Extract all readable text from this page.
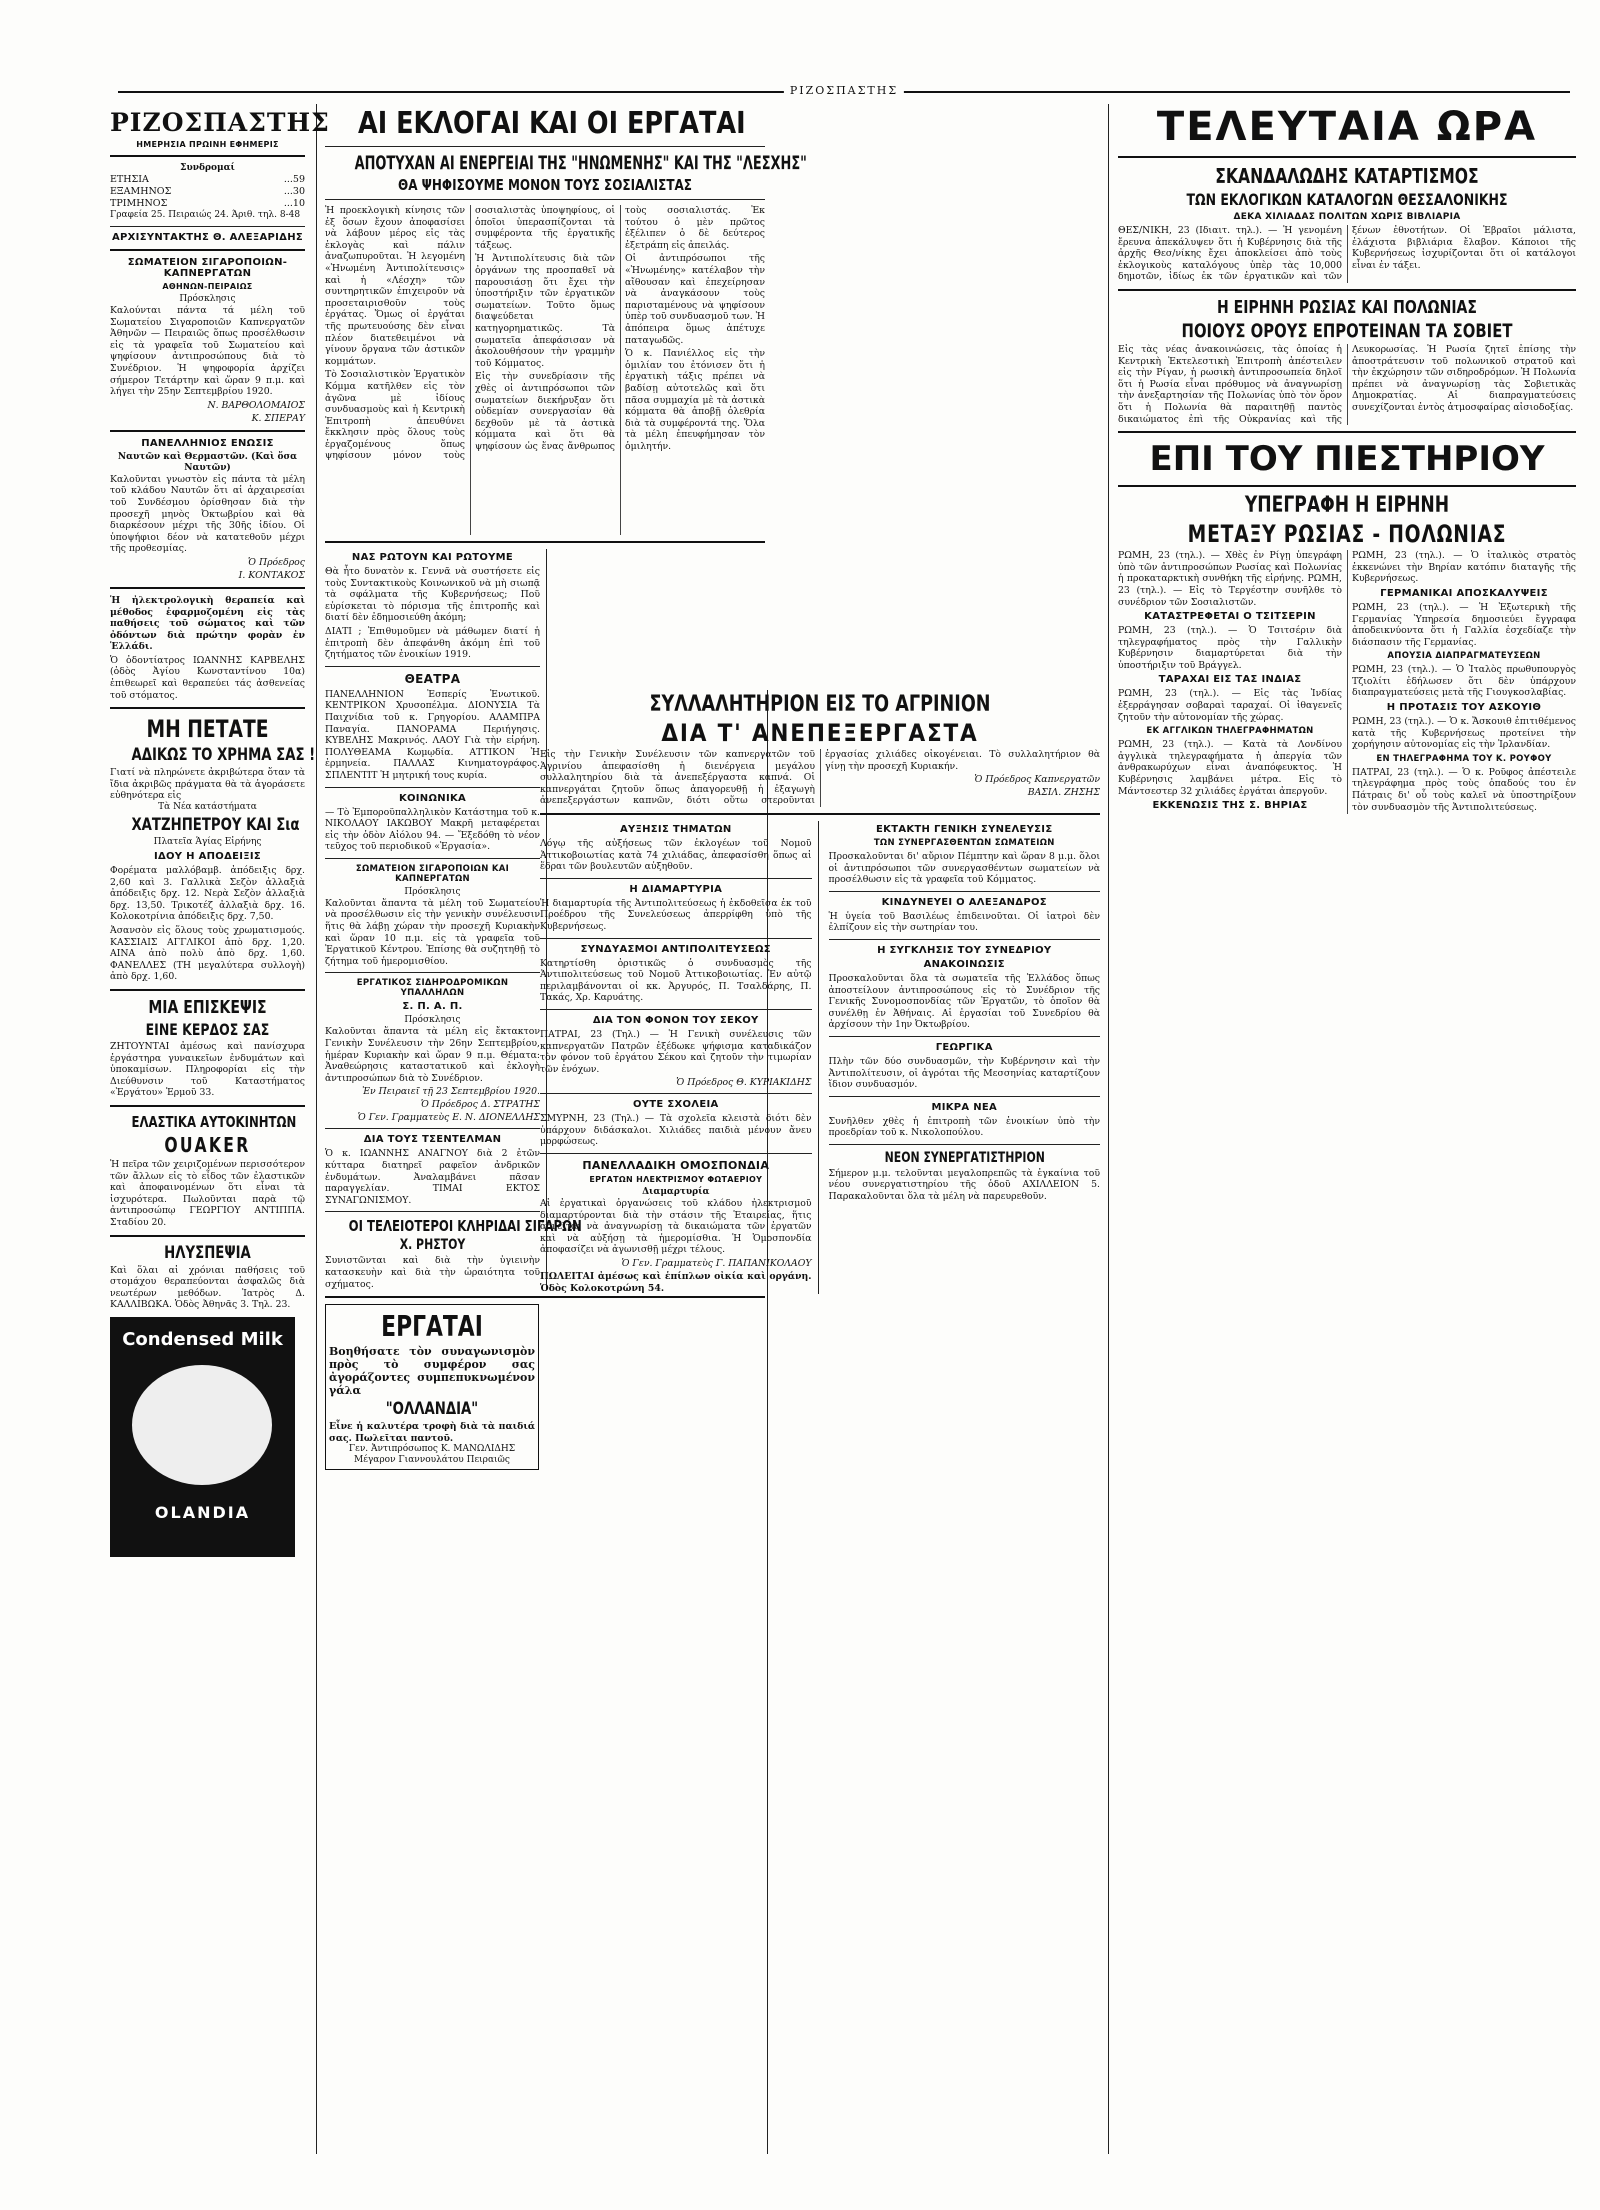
ΡΙΖΟΣΠΑΣΤΗΣ
ΡΙΖΟΣΠΑΣΤΗΣ
ΗΜΕΡΗΣΙΑ ΠΡΩΙΝΗ ΕΦΗΜΕΡΙΣ
Συνδρομαί
ΕΤΗΣΙΑ	...59
ΕΞΑΜΗΝΟΣ	...30
ΤΡΙΜΗΝΟΣ	...10
Γραφεία 25. Πειραιώς 24. Άριθ. τηλ. 8-48
ΑΡΧΙΣΥΝΤΑΚΤΗΣ Θ. ΑΛΕΞΑΡΙΔΗΣ
ΣΩΜΑΤΕΙΟΝ ΣΙΓΑΡΟΠΟΙΩΝ-ΚΑΠΝΕΡΓΑΤΩΝ
ΑΘΗΝΩΝ-ΠΕΙΡΑΙΩΣ
Πρόσκλησις

Καλούνται πάντα τά μέλη τοῦ Σωματείου Σιγαροποιῶν Καπνεργατῶν Ἀθηνῶν — Πειραιῶς ὅπως προσέλθωσιν εἰς τὰ γραφεῖα τοῦ Σωματείου καὶ ψηφίσουν ἀντιπροσώπους διὰ τὸ Συνέδριον. Ἡ ψηφοφορία ἀρχίζει σήμερον Τετάρτην καὶ ὥραν 9 π.μ. καὶ λήγει τὴν 25ην Σεπτεμβρίου 1920.

Ν. ΒΑΡΘΟΛΟΜΑΙΟΣ
Κ. ΣΠΕΡΑΥ
ΠΑΝΕΛΛΗΝΙΟΣ ΕΝΩΣΙΣ
Ναυτῶν καὶ Θερμαστῶν. (Καὶ ὅσα Ναυτῶν)

Καλοῦνται γνωστὸν εἰς πάντα τὰ μέλη τοῦ κλάδου Ναυτῶν ὅτι αἱ ἀρχαιρεσίαι τοῦ Συνδέσμου ὁρίσθησαν διὰ τὴν προσεχῆ μηνὸς Ὀκτωβρίου καὶ θὰ διαρκέσουν μέχρι τῆς 30ῆς ἰδίου. Οἱ ὑποψήφιοι δέον νὰ κατατεθοῦν μέχρι τῆς προθεσμίας.

Ὁ Πρόεδρος
Ι. ΚΟΝΤΑΚΟΣ

Ἡ ἠλεκτρολογικὴ θεραπεία καὶ μέθοδος ἐφαρμοζομένη εἰς τὰς παθήσεις τοῦ σώματος καὶ τῶν ὀδόντων διὰ πρώτην φορὰν ἐν Ἑλλάδι.

Ὁ ὀδοντίατρος ΙΩΑΝΝΗΣ ΚΑΡΒΕΛΗΣ (ὁδὸς Ἀγίου Κωνσταντίνου 10α) ἐπιθεωρεῖ καὶ θεραπεύει τάς ἀσθενείας τοῦ στόματος.

ΜΗ ΠΕΤΑΤΕ
ΑΔΙΚΩΣ ΤΟ ΧΡΗΜΑ ΣΑΣ !

Γιατί νὰ πληρώνετε ἀκριβώτερα ὅταν τὰ ἴδια ἀκριβῶς πράγματα θὰ τὰ ἀγοράσετε εὐθηνότερα εἰς

Τὰ Νέα κατάστήματα
ΧΑΤΖΗΠΕΤΡΟΥ ΚΑΙ Σια
Πλατεῖα Ἁγίας Εἰρήνης
ΙΔΟΥ Η ΑΠΟΔΕΙΞΙΣ

Φορέματα μαλλόβαμβ. ἀπόδειξις δρχ. 2,60 καὶ 3. Γαλλικὰ Σεζὸν ἀλλαξιὰ ἀπόδειξις δρχ. 12. Νερὰ Σεζὸν ἀλλαξιὰ δρχ. 13,50. Τρικοτέζ ἀλλαξιὰ δρχ. 16. Κολοκοτρίνια ἀπόδειξις δρχ. 7,50.

Ἀσανσὸν εἰς ὅλους τοὺς χρωματισμούς. ΚΑΣΣΙΑΙΣ ΑΓΓΛΙΚΟΙ ἀπὸ δρχ. 1,20. ΑΙΝΑ ἀπὸ πολὺ ἀπὸ δρχ. 1,60. ΦΑΝΕΛΛΕΣ (ΤΗ μεγαλύτερα συλλογὴ) ἀπὸ δρχ. 1,60.

ΜΙΑ ΕΠΙΣΚΕΨΙΣ
ΕΙΝΕ ΚΕΡΔΟΣ ΣΑΣ

ΖΗΤΟΥΝΤΑΙ ἀμέσως καὶ πανίσχυρα ἐργάστηρα γυναικεῖων ἐνδυμάτων καὶ ὑποκαμίσων. Πληροφορίαι εἰς τὴν Διεύθυνσιν τοῦ Καταστήματος «Ἐργάτου» Ἑρμοῦ 33.

ΕΛΑΣΤΙΚΑ ΑΥΤΟΚΙΝΗΤΩΝ
OUAKER

Ἡ πεῖρα τῶν χειριζομένων περισσότερον τῶν ἄλλων εἰς τὸ εἶδος τῶν ἐλαστικῶν καὶ ἀποφαινομένων ὅτι εἶναι τὰ ἰσχυρότερα. Πωλοῦνται παρὰ τῷ ἀντιπροσώπῳ ΓΕΩΡΓΙΟΥ ΑΝΤΙΠΠΑ. Σταδίου 20.

ΗΛΥΣΠΕΨΙΑ

Καὶ ὅλαι αἱ χρόνιαι παθήσεις τοῦ στομάχου θεραπεύονται ἀσφαλῶς διὰ νεωτέρων μεθόδων. Ἰατρὸς Δ. ΚΑΛΛΙΒΩΚΑ. Ὁδὸς Ἀθηνᾶς 3. Τηλ. 23.

Condensed Milk
OLANDIA
ΑΙ ΕΚΛΟΓΑΙ ΚΑΙ ΟΙ ΕΡΓΑΤΑΙ
ΑΠΟΤΥΧΑΝ ΑΙ ΕΝΕΡΓΕΙΑΙ ΤΗΣ "ΗΝΩΜΕΝΗΣ" ΚΑΙ ΤΗΣ "ΛΕΣΧΗΣ"
ΘΑ ΨΗΦΙΣΟΥΜΕ ΜΟΝΟΝ ΤΟΥΣ ΣΟΣΙΑΛΙΣΤΑΣ

Ἡ προεκλογικὴ κίνησις τῶν ἐξ ὅσων ἔχουν ἀποφασίσει νὰ λάβουν μέρος εἰς τὰς ἐκλογὰς καὶ πάλιν ἀναζωπυροῦται. Ἡ λεγομένη «Ἡνωμένη Ἀντιπολίτευσις» καὶ ἡ «Λέσχη» τῶν συντηρητικῶν ἐπιχειροῦν νὰ προσεταιρισθοῦν τοὺς ἐργάτας. Ὅμως οἱ ἐργάται τῆς πρωτευούσης δὲν εἶναι πλέον διατεθειμένοι νὰ γίνουν ὄργανα τῶν ἀστικῶν κομμάτων.

Τὸ Σοσιαλιστικὸν Ἐργατικὸν Κόμμα κατῆλθεν εἰς τὸν ἀγῶνα μὲ ἰδίους συνδυασμοὺς καὶ ἡ Κεντρικὴ Ἐπιτροπὴ ἀπευθύνει ἔκκλησιν πρὸς ὅλους τοὺς ἐργαζομένους ὅπως ψηφίσουν μόνον τοὺς σοσιαλιστὰς ὑποψηφίους, οἱ ὁποῖοι ὑπερασπίζονται τὰ συμφέροντα τῆς ἐργατικῆς τάξεως.

Ἡ Ἀντιπολίτευσις διὰ τῶν ὀργάνων της προσπαθεῖ νὰ παρουσιάσῃ ὅτι ἔχει τὴν ὑποστήριξιν τῶν ἐργατικῶν σωματείων. Τοῦτο ὅμως διαψεύδεται κατηγορηματικῶς. Τὰ σωματεῖα ἀπεφάσισαν νὰ ἀκολουθήσουν τὴν γραμμὴν τοῦ Κόμματος.

Εἰς τὴν συνεδρίασιν τῆς χθὲς οἱ ἀντιπρόσωποι τῶν σωματείων διεκήρυξαν ὅτι οὐδεμίαν συνεργασίαν θὰ δεχθοῦν μὲ τὰ ἀστικὰ κόμματα καὶ ὅτι θὰ ψηφίσουν ὡς ἕνας ἄνθρωπος τοὺς σοσιαλιστάς. Ἐκ τούτου ὁ μὲν πρῶτος ἐξέλιπεν ὁ δὲ δεύτερος ἐξετράπη εἰς ἀπειλάς.

Οἱ ἀντιπρόσωποι τῆς «Ἡνωμένης» κατέλαβον τὴν αἴθουσαν καὶ ἐπεχείρησαν νὰ ἀναγκάσουν τοὺς παρισταμένους νὰ ψηφίσουν ὑπὲρ τοῦ συνδυασμοῦ των. Ἡ ἀπόπειρα ὅμως ἀπέτυχε παταγωδῶς.

Ὁ κ. Πανιέλλος εἰς τὴν ὁμιλίαν του ἐτόνισεν ὅτι ἡ ἐργατικὴ τάξις πρέπει νὰ βαδίσῃ αὐτοτελῶς καὶ ὅτι πᾶσα συμμαχία μὲ τὰ ἀστικὰ κόμματα θὰ ἀποβῇ ὀλεθρία διὰ τὰ συμφέροντά της. Ὅλα τὰ μέλη ἐπευφήμησαν τὸν ὁμιλητήν.

ΝΑΣ ΡΩΤΟΥΝ ΚΑΙ ΡΩΤΟΥΜΕ

Θὰ ἦτο δυνατὸν κ. Γεννᾶ νὰ συστήσετε εἰς τοὺς Συντακτικοὺς Κοινωνικοῦ νὰ μὴ σιωπᾷ τὰ σφάλματα τῆς Κυβερνήσεως; Ποῦ εὑρίσκεται τὸ πόρισμα τῆς ἐπιτροπῆς καὶ διατί δὲν ἐδημοσιεύθη ἀκόμη;

ΔΙΑΤΙ ; Ἐπιθυμοῦμεν νὰ μάθωμεν διατί ἡ ἐπιτροπὴ δὲν ἀπεφάνθη ἀκόμη ἐπὶ τοῦ ζητήματος τῶν ἐνοικίων 1919.

ΘΕΑΤΡΑ

ΠΑΝΕΛΛΗΝΙΟΝ Ἐσπερίς Ἐνωτικοῦ. ΚΕΝΤΡΙΚΟΝ Χρυσοπέλμα. ΔΙΟΝΥΣΙΑ Τὰ Παιχνίδια τοῦ κ. Γρηγορίου. ΑΛΑΜΠΡΑ Παναγία. ΠΑΝΟΡΑΜΑ Περιήγησις. ΚΥΒΕΛΗΣ Μακρινός. ΛΑΟΥ Γιὰ τὴν εἰρήνη. ΠΟΛΥΘΕΑΜΑ Κωμῳδία. ΑΤΤΙΚΟΝ Ἡ ἑρμηνεία. ΠΑΛΛΑΣ Κινηματογράφος. ΣΠΛΕΝΤΙΤ Ἡ μητρική τους κυρία.

ΚΟΙΝΩΝΙΚΑ

— Τὸ Ἐμποροϋπαλληλικὸν Κατάστημα τοῦ κ. ΝΙΚΟΛΑΟΥ ΙΑΚΩΒΟΥ Μακρῆ μεταφέρεται εἰς τὴν ὁδὸν Αἰόλου 94. — Ἔξεδόθη τὸ νέον τεῦχος τοῦ περιοδικοῦ «Ἐργασία».

ΣΩΜΑΤΕΙΟΝ ΣΙΓΑΡΟΠΟΙΩΝ ΚΑΙ ΚΑΠΝΕΡΓΑΤΩΝ
Πρόσκλησις

Καλοῦνται ἅπαντα τὰ μέλη τοῦ Σωματείου νὰ προσέλθωσιν εἰς τὴν γενικὴν συνέλευσιν ἥτις θὰ λάβῃ χώραν τὴν προσεχῆ Κυριακὴν καὶ ὥραν 10 π.μ. εἰς τὰ γραφεῖα τοῦ Ἐργατικοῦ Κέντρου. Ἐπίσης θὰ συζητηθῇ τὸ ζήτημα τοῦ ἡμερομισθίου.

ΕΡΓΑΤΙΚΟΣ ΣΙΔΗΡΟΔΡΟΜΙΚΩΝ ΥΠΑΛΛΗΛΩΝ
Σ. Π. Α. Π.
Πρόσκλησις

Καλοῦνται ἅπαντα τὰ μέλη εἰς ἔκτακτον Γενικὴν Συνέλευσιν τὴν 26ην Σεπτεμβρίου, ἡμέραν Κυριακὴν καὶ ὥραν 9 π.μ. Θέματα: Ἀναθεώρησις καταστατικοῦ καὶ ἐκλογὴ ἀντιπροσώπων διὰ τὸ Συνέδριον.

Ἐν Πειραιεῖ τῇ 23 Σεπτεμβρίου 1920.
Ὁ Πρόεδρος Δ. ΣΤΡΑΤΗΣ
Ὁ Γεν. Γραμματεὺς Ε. Ν. ΔΙΟΝΕΛΛΗΣ
ΔΙΑ ΤΟΥΣ ΤΣΕΝΤΕΛΜΑΝ

Ὁ κ. ΙΩΑΝΝΗΣ ΑΝΑΓΝΟΥ διὰ 2 ἐτῶν κύτταρα διατηρεῖ ραφεῖον ἀνδρικῶν ἐνδυμάτων. Ἀναλαμβάνει πᾶσαν παραγγελίαν. ΤΙΜΑΙ ΕΚΤΟΣ ΣΥΝΑΓΩΝΙΣΜΟΥ.

ΟΙ ΤΕΛΕΙΟΤΕΡΟΙ ΚΛΗΡΙΔΑΙ ΣΙΓΑΡΩΝ
Χ. ΡΗΣΤΟΥ

Συνιστῶνται καὶ διὰ τὴν ὑγιεινὴν κατασκευὴν καὶ διὰ τὴν ὡραιότητα τοῦ σχήματος.

ΕΡΓΑΤΑΙ

Βοηθήσατε τὸν συναγωνισμὸν πρὸς τὸ συμφέρον σας ἀγοράζοντες συμπεπυκνωμένον γάλα

"ΟΛΛΑΝΔΙΑ"

Εἶνε ἡ καλυτέρα τροφὴ διὰ τὰ παιδιά σας. Πωλεῖται παντοῦ.

Γεν. Ἀντιπρόσωπος Κ. ΜΑΝΩΛΙΔΗΣ
Μέγαρον Γιαννουλάτου Πειραιῶς
ΣΥΛΛΑΛΗΤΗΡΙΟΝ ΕΙΣ ΤΟ ΑΓΡΙΝΙΟΝ
ΔΙΑ Τ' ΑΝΕΠΕΞΕΡΓΑΣΤΑ

Εἰς τὴν Γενικὴν Συνέλευσιν τῶν καπνεργατῶν τοῦ Ἀγρινίου ἀπεφασίσθη ἡ διενέργεια μεγάλου συλλαλητηρίου διὰ τὰ ἀνεπεξέργαστα καπνά. Οἱ καπνεργάται ζητοῦν ὅπως ἀπαγορευθῇ ἡ ἐξαγωγὴ ἀνεπεξεργάστων καπνῶν, διότι οὕτω στεροῦνται ἐργασίας χιλιάδες οἰκογένειαι. Τὸ συλλαλητήριον θὰ γίνῃ τὴν προσεχῆ Κυριακήν.

Ὁ Πρόεδρος Καπνεργατῶν
ΒΑΣΙΛ. ΖΗΣΗΣ
ΑΥΞΗΣΙΣ ΤΗΜΑΤΩΝ

Λόγῳ τῆς αὐξήσεως τῶν ἐκλογέων τοῦ Νομοῦ Ἀττικοβοιωτίας κατὰ 74 χιλιάδας, ἀπεφασίσθη ὅπως αἱ ἕδραι τῶν βουλευτῶν αὐξηθοῦν.

Η ΔΙΑΜΑΡΤΥΡΙΑ

Ἡ διαμαρτυρία τῆς Ἀντιπολιτεύσεως ἡ ἐκδοθεῖσα ἐκ τοῦ Προέδρου τῆς Συνελεύσεως ἀπερρίφθη ὑπὸ τῆς Κυβερνήσεως.

ΣΥΝΔΥΑΣΜΟΙ ΑΝΤΙΠΟΛΙΤΕΥΣΕΩΣ

Κατηρτίσθη ὁριστικῶς ὁ συνδυασμὸς τῆς Ἀντιπολιτεύσεως τοῦ Νομοῦ Ἀττικοβοιωτίας. Ἐν αὐτῷ περιλαμβάνονται οἱ κκ. Ἀργυρός, Π. Τσαλδάρης, Π. Τακάς, Χρ. Καρυάτης.

ΔΙΑ ΤΟΝ ΦΟΝΟΝ ΤΟΥ ΣΕΚΟΥ

ΠΑΤΡΑΙ, 23 (Τηλ.) — Ἡ Γενικὴ συνέλευσις τῶν καπνεργατῶν Πατρῶν ἐξέδωκε ψήφισμα καταδικάζον τὸν φόνον τοῦ ἐργάτου Σέκου καὶ ζητοῦν τὴν τιμωρίαν τῶν ἐνόχων.

Ὁ Πρόεδρος Θ. ΚΥΡΙΑΚΙΔΗΣ
ΟΥΤΕ ΣΧΟΛΕΙΑ

ΣΜΥΡΝΗ, 23 (Τηλ.) — Τὰ σχολεῖα κλειστὰ διότι δὲν ὑπάρχουν διδάσκαλοι. Χιλιάδες παιδιὰ μένουν ἄνευ μορφώσεως.

ΠΑΝΕΛΛΑΔΙΚΗ ΟΜΟΣΠΟΝΔΙΑ
ΕΡΓΑΤΩΝ ΗΛΕΚΤΡΙΣΜΟΥ ΦΩΤΑΕΡΙΟΥ
Διαμαρτυρία

Αἱ ἐργατικαὶ ὀργανώσεις τοῦ κλάδου ἠλεκτρισμοῦ διαμαρτύρονται διὰ τὴν στάσιν τῆς Ἑταιρείας, ἥτις ἀρνεῖται νὰ ἀναγνωρίσῃ τὰ δικαιώματα τῶν ἐργατῶν καὶ νὰ αὐξήσῃ τὰ ἡμερομίσθια. Ἡ Ὁμοσπονδία ἀποφασίζει νὰ ἀγωνισθῇ μέχρι τέλους.

Ὁ Γεν. Γραμματεὺς Γ. ΠΑΠΑΝΙΚΟΛΑΟΥ

ΠΩΛΕΙΤΑΙ ἀμέσως καὶ ἑπίπλων οἰκία καὶ οργάνη. Ὁδὸς Κολοκοτρώνη 54.

ΕΚΤΑΚΤΗ ΓΕΝΙΚΗ ΣΥΝΕΛΕΥΣΙΣ
ΤΩΝ ΣΥΝΕΡΓΑΣΘΕΝΤΩΝ ΣΩΜΑΤΕΙΩΝ

Προσκαλοῦνται δι' αὔριον Πέμπτην καὶ ὥραν 8 μ.μ. ὅλοι οἱ ἀντιπρόσωποι τῶν συνεργασθέντων σωματείων νὰ προσέλθωσιν εἰς τὰ γραφεῖα τοῦ Κόμματος.

ΚΙΝΔΥΝΕΥΕΙ Ο ΑΛΕΞΑΝΔΡΟΣ

Ἡ ὑγεία τοῦ Βασιλέως ἐπιδεινοῦται. Οἱ ἰατροὶ δὲν ἐλπίζουν εἰς τὴν σωτηρίαν του.

Η ΣΥΓΚΛΗΣΙΣ ΤΟΥ ΣΥΝΕΔΡΙΟΥ
ΑΝΑΚΟΙΝΩΣΙΣ

Προσκαλοῦνται ὅλα τὰ σωματεῖα τῆς Ἑλλάδος ὅπως ἀποστείλουν ἀντιπροσώπους εἰς τὸ Συνέδριον τῆς Γενικῆς Συνομοσπονδίας τῶν Ἐργατῶν, τὸ ὁποῖον θὰ συνέλθῃ ἐν Ἀθήναις. Αἱ ἐργασίαι τοῦ Συνεδρίου θὰ ἀρχίσουν τὴν 1ην Ὀκτωβρίου.

ΓΕΩΡΓΙΚΑ

Πλὴν τῶν δύο συνδυασμῶν, τὴν Κυβέρνησιν καὶ τὴν Ἀντιπολίτευσιν, οἱ ἀγρόται τῆς Μεσσηνίας καταρτίζουν ἴδιον συνδυασμόν.

ΜΙΚΡΑ ΝΕΑ

Συνῆλθεν χθὲς ἡ ἐπιτροπὴ τῶν ἐνοικίων ὑπὸ τὴν προεδρίαν τοῦ κ. Νικολοπούλου.

ΝΕΟΝ ΣΥΝΕΡΓΑΤΙΣΤΗΡΙΟΝ

Σήμερον μ.μ. τελοῦνται μεγαλοπρεπῶς τὰ ἐγκαίνια τοῦ νέου συνεργατιστηρίου τῆς ὁδοῦ ΑΧΙΛΛΕΙΟΝ 5. Παρακαλοῦνται ὅλα τὰ μέλη νὰ παρευρεθοῦν.

ΤΕΛΕΥΤΑΙΑ ΩΡΑ
ΣΚΑΝΔΑΛΩΔΗΣ ΚΑΤΑΡΤΙΣΜΟΣ
ΤΩΝ ΕΚΛΟΓΙΚΩΝ ΚΑΤΑΛΟΓΩΝ ΘΕΣΣΑΛΟΝΙΚΗΣ
ΔΕΚΑ ΧΙΛΙΑΔΑΣ ΠΟΛΙΤΩΝ ΧΩΡΙΣ ΒΙΒΛΙΑΡΙΑ

ΘΕΣ/ΝΙΚΗ, 23 (Ιδιαιτ. τηλ.). — Ἡ γενομένη ἔρευνα ἀπεκάλυψεν ὅτι ἡ Κυβέρνησις διὰ τῆς ἀρχῆς Θεσ/νίκης ἔχει ἀποκλείσει ἀπὸ τοὺς ἐκλογικοὺς καταλόγους ὑπὲρ τὰς 10,000 δημοτῶν, ἰδίως ἐκ τῶν ἐργατικῶν καὶ τῶν ξένων ἐθνοτήτων. Οἱ Ἑβραῖοι μάλιστα, ἐλάχιστα βιβλιάρια ἔλαβον. Κάποιοι τῆς Κυβερνήσεως ἰσχυρίζονται ὅτι οἱ κατάλογοι εἶναι ἐν τάξει.

Η ΕΙΡΗΝΗ ΡΩΣΙΑΣ ΚΑΙ ΠΟΛΩΝΙΑΣ
ΠΟΙΟΥΣ ΟΡΟΥΣ ΕΠΡΟΤΕΙΝΑΝ ΤΑ ΣΟΒΙΕΤ

Εἰς τὰς νέας ἀνακοινώσεις, τὰς ὁποίας ἡ Κεντρικὴ Ἐκτελεστικὴ Ἐπιτροπὴ ἀπέστειλεν εἰς τὴν Ρίγαν, ἡ ρωσικὴ ἀντιπροσωπεία δηλοῖ ὅτι ἡ Ρωσία εἶναι πρόθυμος νὰ ἀναγνωρίσῃ τὴν ἀνεξαρτησίαν τῆς Πολωνίας ὑπὸ τὸν ὅρον ὅτι ἡ Πολωνία θὰ παραιτηθῇ παντὸς δικαιώματος ἐπὶ τῆς Οὐκρανίας καὶ τῆς Λευκορωσίας. Ἡ Ρωσία ζητεῖ ἐπίσης τὴν ἀποστράτευσιν τοῦ πολωνικοῦ στρατοῦ καὶ τὴν ἐκχώρησιν τῶν σιδηροδρόμων. Ἡ Πολωνία πρέπει νὰ ἀναγνωρίσῃ τὰς Σοβιετικὰς Δημοκρατίας. Αἱ διαπραγματεύσεις συνεχίζονται ἐντὸς ἀτμοσφαίρας αἰσιοδοξίας.

ΕΠΙ ΤΟΥ ΠΙΕΣΤΗΡΙΟΥ
ΥΠΕΓΡΑΦΗ Η ΕΙΡΗΝΗ
ΜΕΤΑΞΥ ΡΩΣΙΑΣ - ΠΟΛΩΝΙΑΣ

ΡΩΜΗ, 23 (τηλ.). — Χθὲς ἐν Ρίγῃ ὑπεγράφη ὑπὸ τῶν ἀντιπροσώπων Ρωσίας καὶ Πολωνίας ἡ προκαταρκτικὴ συνθήκη τῆς εἰρήνης. ΡΩΜΗ, 23 (τηλ.). — Εἰς τὸ Τεργέστην συνῆλθε τὸ συνέδριον τῶν Σοσιαλιστῶν.

ΚΑΤΑΣΤΡΕΦΕΤΑΙ Ο ΤΣΙΤΣΕΡΙΝ

ΡΩΜΗ, 23 (τηλ.). — Ὁ Τσιτσέριν διὰ τηλεγραφήματος πρὸς τὴν Γαλλικὴν Κυβέρνησιν διαμαρτύρεται διὰ τὴν ὑποστήριξιν τοῦ Βράγγελ.

ΤΑΡΑΧΑΙ ΕΙΣ ΤΑΣ ΙΝΔΙΑΣ

ΡΩΜΗ, 23 (τηλ.). — Εἰς τὰς Ἰνδίας ἐξερράγησαν σοβαραὶ ταραχαί. Οἱ ἰθαγενεῖς ζητοῦν τὴν αὐτονομίαν τῆς χώρας.

ΕΚ ΑΓΓΛΙΚΩΝ ΤΗΛΕΓΡΑΦΗΜΑΤΩΝ

ΡΩΜΗ, 23 (τηλ.). — Κατὰ τὰ Λονδίνου ἀγγλικὰ τηλεγραφήματα ἡ ἀπεργία τῶν ἀνθρακωρύχων εἶναι ἀναπόφευκτος. Ἡ Κυβέρνησις λαμβάνει μέτρα. Εἰς τὸ Μάντσεστερ 32 χιλιάδες ἐργάται ἀπεργοῦν.

ΕΚΚΕΝΩΣΙΣ ΤΗΣ Σ. ΒΗΡΙΑΣ

ΡΩΜΗ, 23 (τηλ.). — Ὁ ἰταλικὸς στρατὸς ἐκκενώνει τὴν Βηρίαν κατόπιν διαταγῆς τῆς Κυβερνήσεως.

ΓΕΡΜΑΝΙΚΑΙ ΑΠΟΣΚΑΛΥΨΕΙΣ

ΡΩΜΗ, 23 (τηλ.). — Ἡ Ἐξωτερικὴ τῆς Γερμανίας Ὑπηρεσία δημοσιεύει ἔγγραφα ἀποδεικνύοντα ὅτι ἡ Γαλλία ἐσχεδίαζε τὴν διάσπασιν τῆς Γερμανίας.

ΑΠΟΥΣΙΑ ΔΙΑΠΡΑΓΜΑΤΕΥΣΕΩΝ

ΡΩΜΗ, 23 (τηλ.). — Ὁ Ἰταλὸς πρωθυπουργὸς Τζιολίτι ἐδήλωσεν ὅτι δὲν ὑπάρχουν διαπραγματεύσεις μετὰ τῆς Γιουγκοσλαβίας.

Η ΠΡΟΤΑΣΙΣ ΤΟΥ ΑΣΚΟΥΙΘ

ΡΩΜΗ, 23 (τηλ.). — Ὁ κ. Ἄσκουιθ ἐπιτιθέμενος κατὰ τῆς Κυβερνήσεως προτείνει τὴν χορήγησιν αὐτονομίας εἰς τὴν Ἰρλανδίαν.

ΕΝ ΤΗΛΕΓΡΑΦΗΜΑ ΤΟΥ Κ. ΡΟΥΦΟΥ

ΠΑΤΡΑΙ, 23 (τηλ.). — Ὁ κ. Ροῦφος ἀπέστειλε τηλεγράφημα πρὸς τοὺς ὀπαδούς του ἐν Πάτραις δι' οὗ τοὺς καλεῖ νὰ ὑποστηρίξουν τὸν συνδυασμὸν τῆς Ἀντιπολιτεύσεως.
